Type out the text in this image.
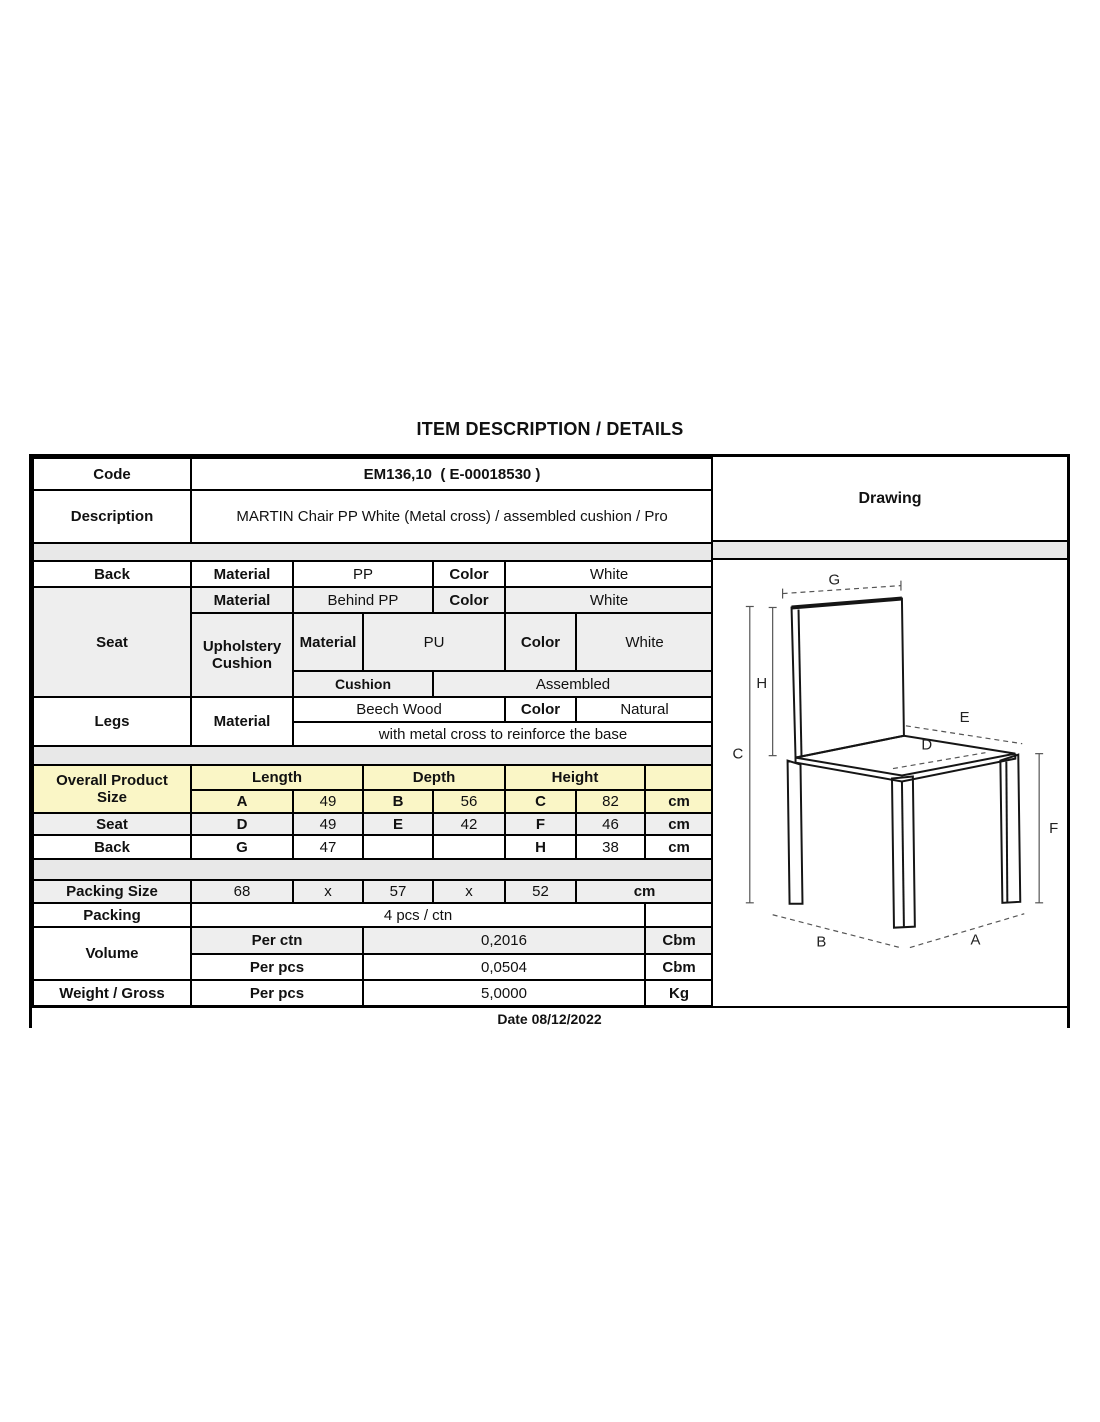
ITEM DESCRIPTION / DETAILS
Code	EM136,10  ( E-00018530 )						
Description	MARTIN Chair PP White (Metal cross) / assembled cushion / Pro						

Back	Material	PP		Color	White		
Seat	Material	Behind PP		Color	White		
	Upholstery Cushion	Material	PU		Color	White	
		Cushion		Assembled			
Legs	Material	Beech Wood			Color	Natural	
		with metal cross to reinforce the base					

Overall Product Size	Length		Depth		Height		
	A	49	B	56	C	82	cm
Seat	D	49	E	42	F	46	cm
Back	G	47			H	38	cm

Packing Size	68	x	57	x	52	cm	
Packing	4 pcs / ctn						
Volume	Per ctn		0,2016				Cbm
	Per pcs		0,0504				Cbm
Weight / Gross	Per pcs		5,0000				Kg
Drawing
C
H
G
E
D
F
B	A
Date 08/12/2022
